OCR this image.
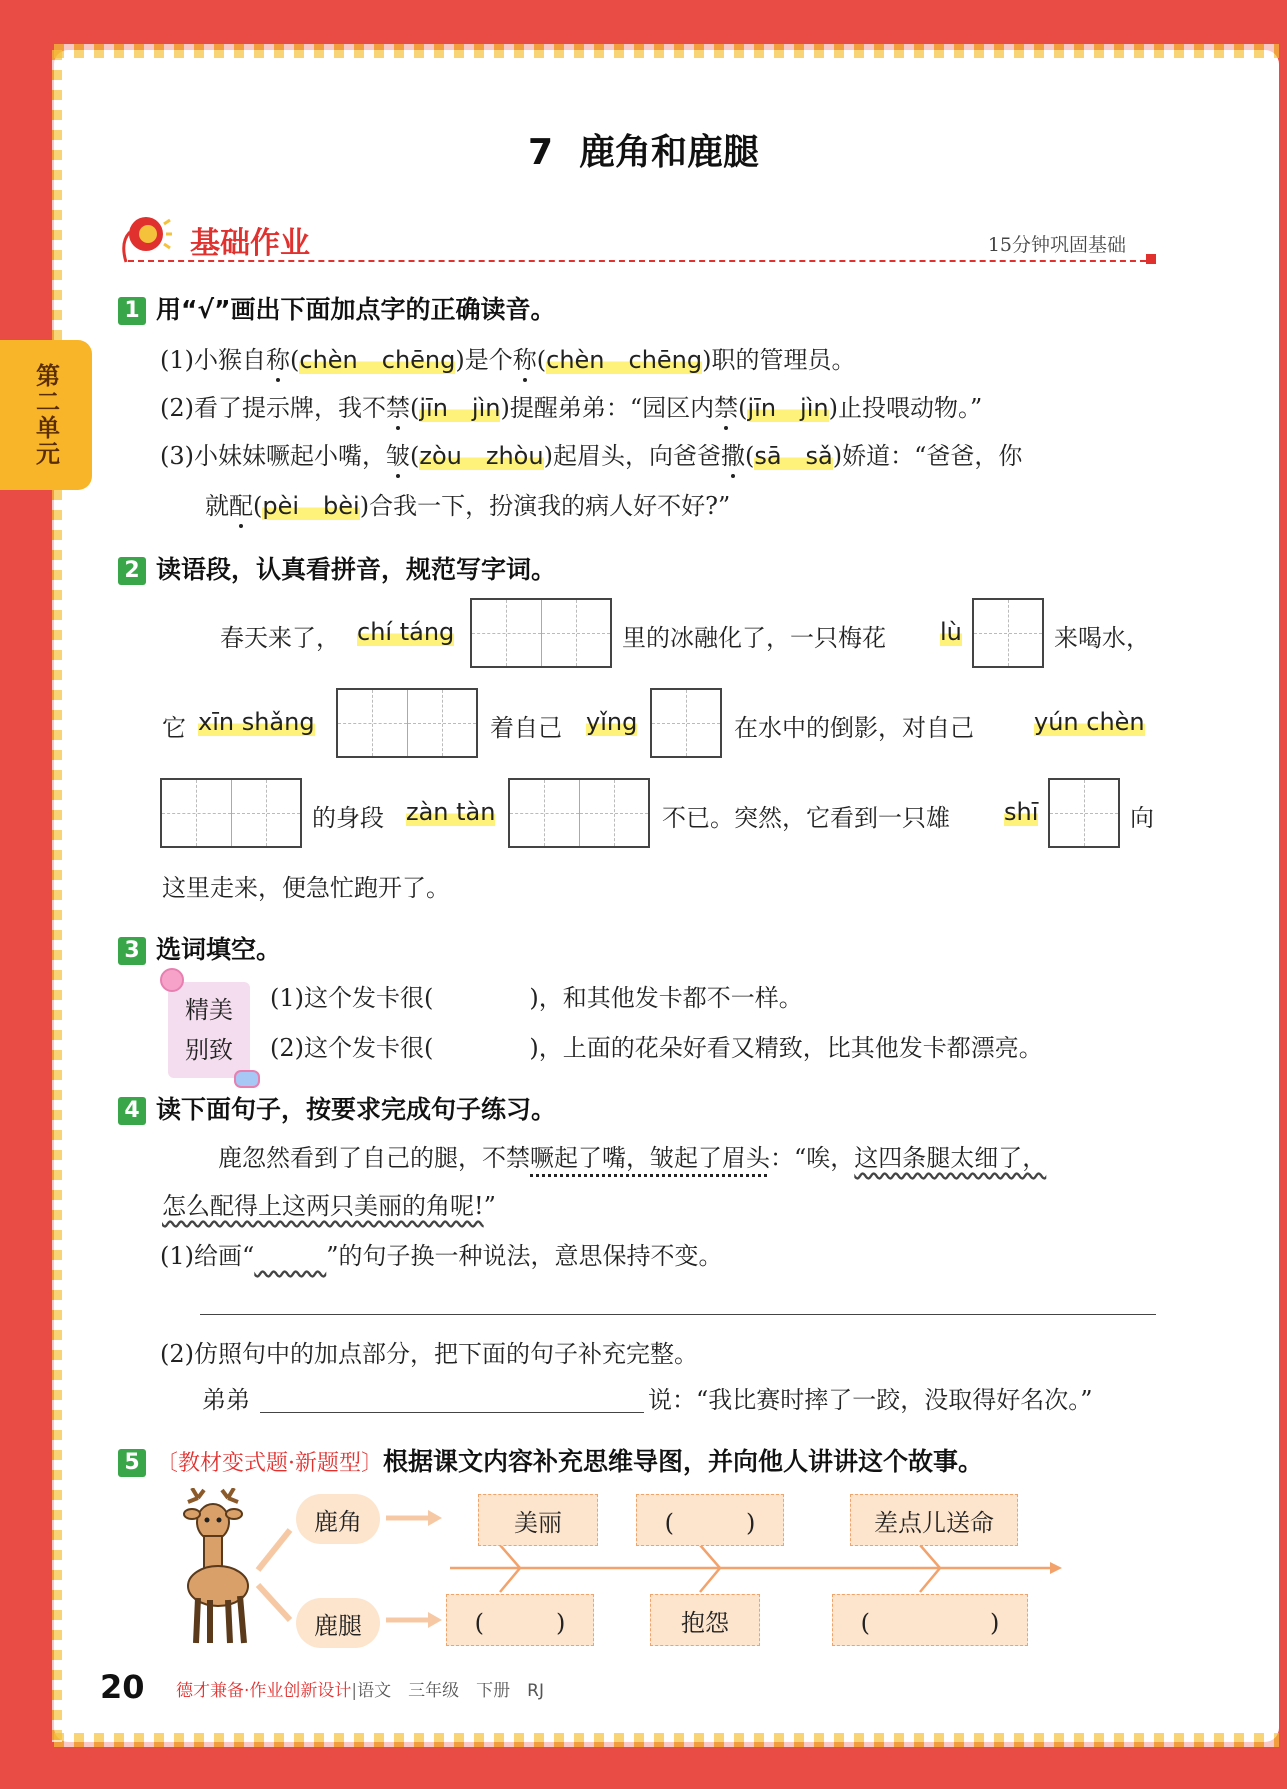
第二单元
7 鹿角和鹿腿
基础作业	15分钟巩固基础
1 用“√”画出下面加点字的正确读音。
(1)小猴自称(chèn　chēng)是个称(chèn　chēng)职的管理员。
(2)看了提示牌，我不禁(jīn　jìn)提醒弟弟：“园区内禁(jīn　jìn)止投喂动物。”
(3)小妹妹噘起小嘴，皱(zòu　zhòu)起眉头，向爸爸撒(sā　sǎ)娇道：“爸爸，你
就配(pèi　bèi)合我一下，扮演我的病人好不好?”
2 读语段，认真看拼音，规范写字词。
春天来了， chí táng	里的冰融化了，一只梅花 lù	来喝水，
它 xīn shǎng	着自己 yǐng	在水中的倒影，对自己	yún chèn
的身段 zàn tàn	不已。突然，它看到一只雄 shī	向
这里走来，便急忙跑开了。
3 选词填空。
精美
别致
(1)这个发卡很(　　　　)，和其他发卡都不一样。
(2)这个发卡很(　　　　)，上面的花朵好看又精致，比其他发卡都漂亮。
4 读下面句子，按要求完成句子练习。
鹿忽然看到了自己的腿，不禁噘起了嘴，皱起了眉头：“唉，这四条腿太细了，
怎么配得上这两只美丽的角呢!”
(1)给画“　　　	”的句子换一种说法，意思保持不变。
(2)仿照句中的加点部分，把下面的句子补充完整。
弟弟	说：“我比赛时摔了一跤，没取得好名次。”
5 〔教材变式题·新题型〕根据课文内容补充思维导图，并向他人讲讲这个故事。
鹿角
鹿腿
美丽	(　　　)	差点儿送命
(　　　)	抱怨	(　　　　　)
20 德才兼备·作业创新设计|语文　三年级　下册　RJ
